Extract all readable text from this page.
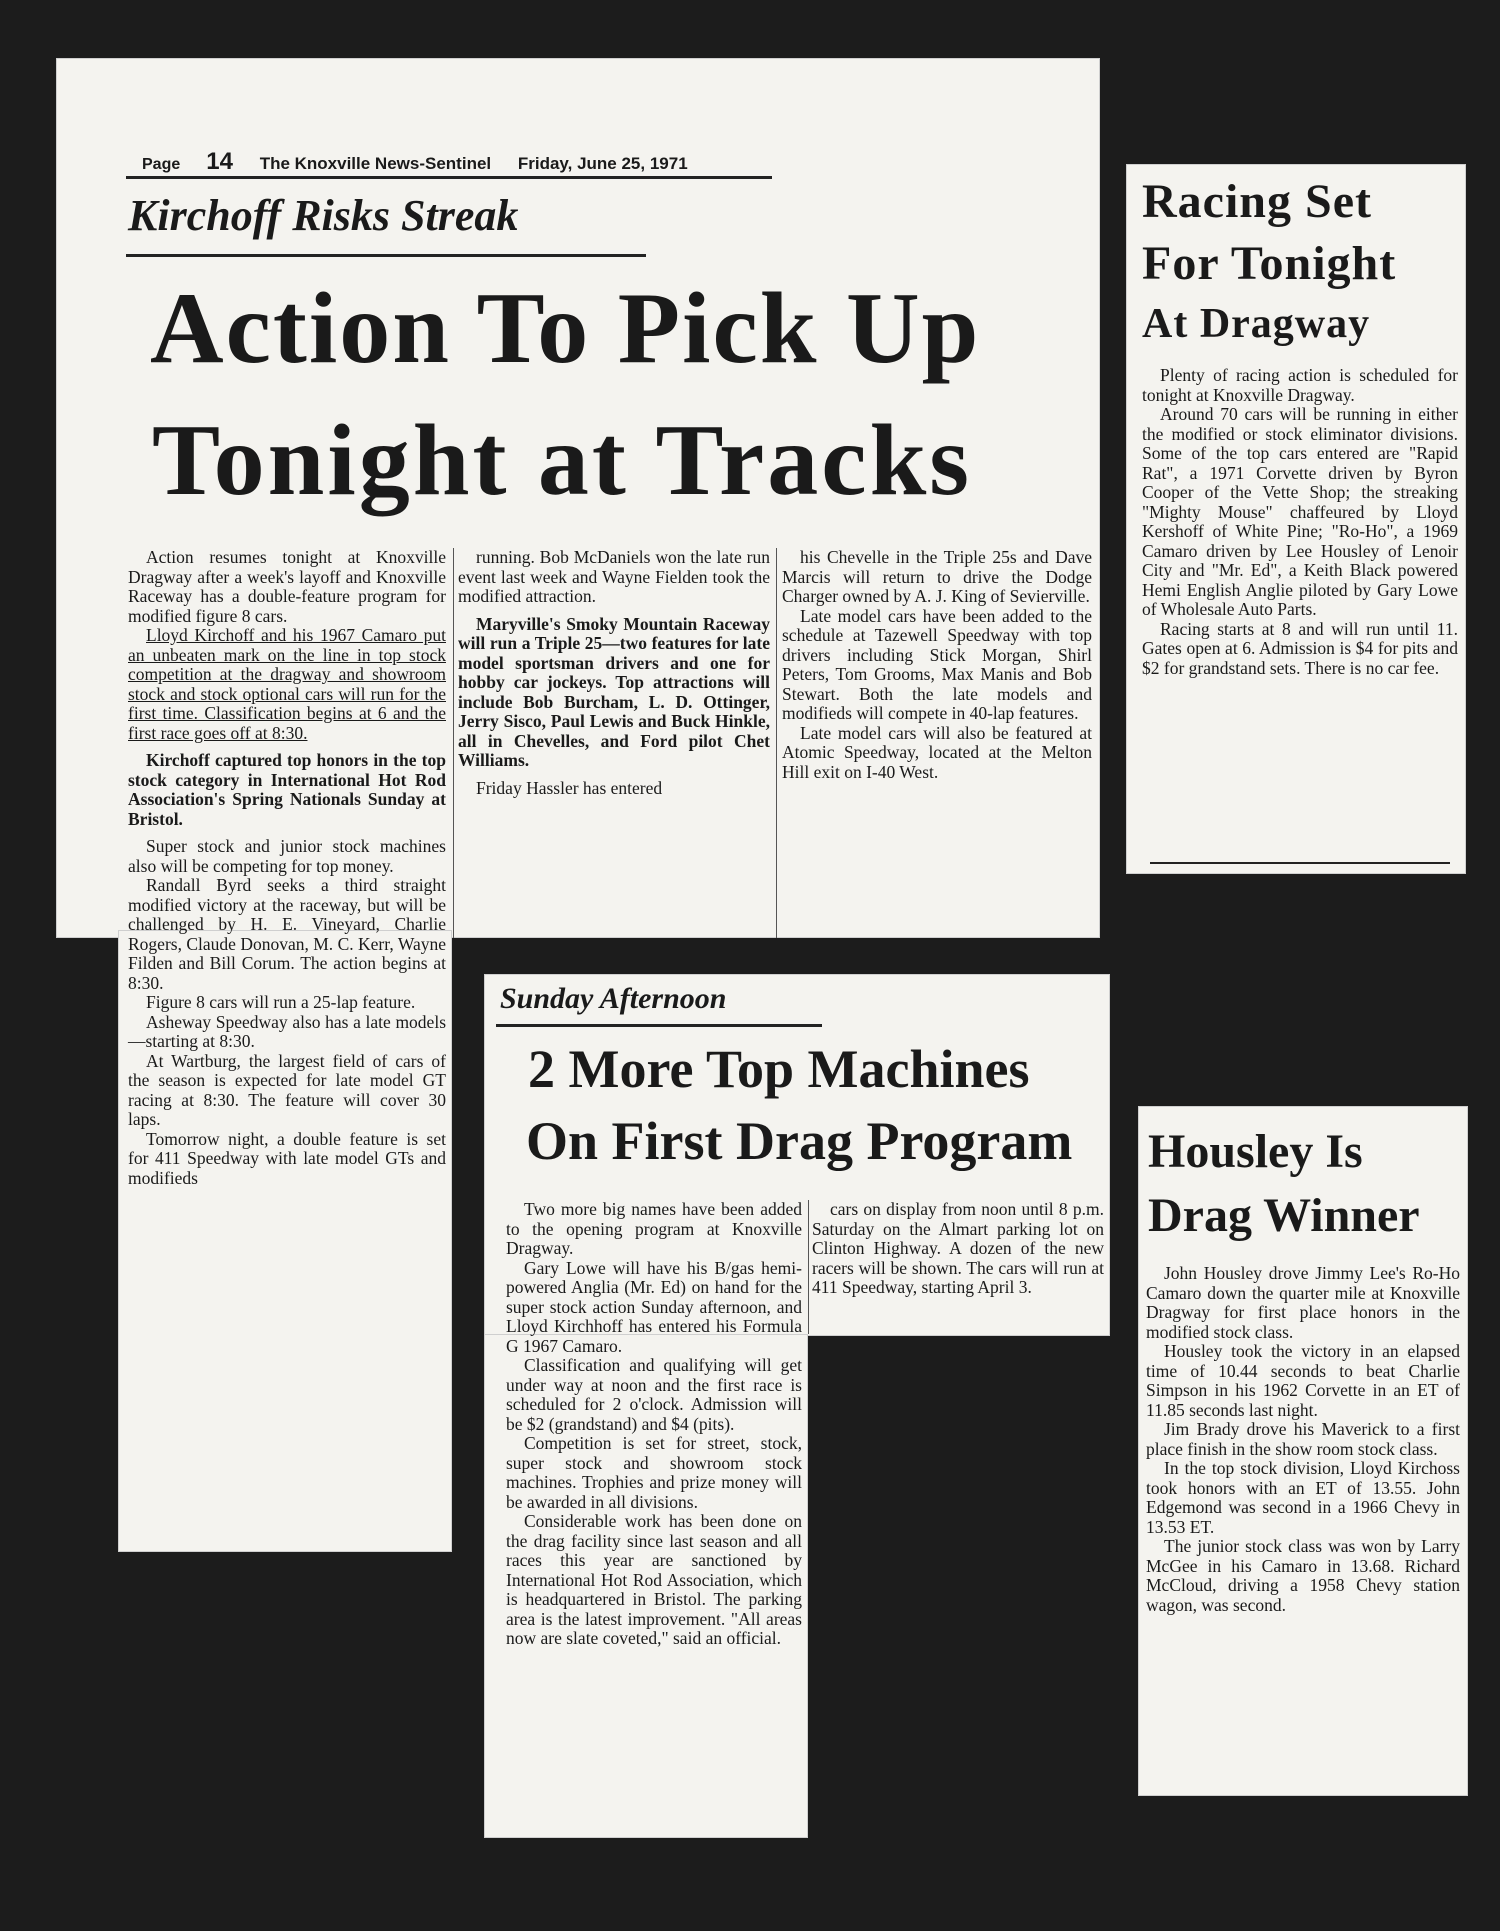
Page 14 The Knoxville News-Sentinel Friday, June 25, 1971
Kirchoff Risks Streak
Action To Pick Up
Tonight at Tracks

Action resumes tonight at Knoxville Dragway after a week's layoff and Knoxville Raceway has a double-feature program for modified figure 8 cars.

Lloyd Kirchoff and his 1967 Camaro put an unbeaten mark on the line in top stock competition at the dragway and showroom stock and stock optional cars will run for the first time. Classification begins at 6 and the first race goes off at 8:30.

Kirchoff captured top honors in the top stock category in International Hot Rod Association's Spring Nationals Sunday at Bristol.

Super stock and junior stock machines also will be competing for top money.

Randall Byrd seeks a third straight modified victory at the raceway, but will be challenged by H. E. Vineyard, Charlie Rogers, Claude Donovan, M. C. Kerr, Wayne Filden and Bill Corum. The action begins at 8:30.

Figure 8 cars will run a 25-lap feature.

Asheway Speedway also has a late models—starting at 8:30.

At Wartburg, the largest field of cars of the season is expected for late model GT racing at 8:30. The feature will cover 30 laps.

Tomorrow night, a double feature is set for 411 Speedway with late model GTs and modifieds

running. Bob McDaniels won the late run event last week and Wayne Fielden took the modified attraction.

Maryville's Smoky Mountain Raceway will run a Triple 25—two features for late model sportsman drivers and one for hobby car jockeys. Top attractions will include Bob Burcham, L. D. Ottinger, Jerry Sisco, Paul Lewis and Buck Hinkle, all in Chevelles, and Ford pilot Chet Williams.

Friday Hassler has entered

his Chevelle in the Triple 25s and Dave Marcis will return to drive the Dodge Charger owned by A. J. King of Sevierville.

Late model cars have been added to the schedule at Tazewell Speedway with top drivers including Stick Morgan, Shirl Peters, Tom Grooms, Max Manis and Bob Stewart. Both the late models and modifieds will compete in 40-lap features.

Late model cars will also be featured at Atomic Speedway, located at the Melton Hill exit on I-40 West.

Racing Set
For Tonight
At Dragway

Plenty of racing action is scheduled for tonight at Knoxville Dragway.

Around 70 cars will be running in either the modified or stock eliminator divisions. Some of the top cars entered are "Rapid Rat", a 1971 Corvette driven by Byron Cooper of the Vette Shop; the streaking "Mighty Mouse" chaffeured by Lloyd Kershoff of White Pine; "Ro-Ho", a 1969 Camaro driven by Lee Housley of Lenoir City and "Mr. Ed", a Keith Black powered Hemi English Anglie piloted by Gary Lowe of Wholesale Auto Parts.

Racing starts at 8 and will run until 11. Gates open at 6. Admission is $4 for pits and $2 for grandstand sets. There is no car fee.

Sunday Afternoon
2 More Top Machines
On First Drag Program

Two more big names have been added to the opening program at Knoxville Dragway.

Gary Lowe will have his B/gas hemi-powered Anglia (Mr. Ed) on hand for the super stock action Sunday afternoon, and Lloyd Kirchhoff has entered his Formula G 1967 Camaro.

Classification and qualifying will get under way at noon and the first race is scheduled for 2 o'clock. Admission will be $2 (grandstand) and $4 (pits).

Competition is set for street, stock, super stock and showroom stock machines. Trophies and prize money will be awarded in all divisions.

Considerable work has been done on the drag facility since last season and all races this year are sanctioned by International Hot Rod Association, which is headquartered in Bristol. The parking area is the latest improvement. "All areas now are slate coveted," said an official.

cars on display from noon until 8 p.m. Saturday on the Almart parking lot on Clinton Highway. A dozen of the new racers will be shown. The cars will run at 411 Speedway, starting April 3.

Housley Is
Drag Winner

John Housley drove Jimmy Lee's Ro-Ho Camaro down the quarter mile at Knoxville Dragway for first place honors in the modified stock class.

Housley took the victory in an elapsed time of 10.44 seconds to beat Charlie Simpson in his 1962 Corvette in an ET of 11.85 seconds last night.

Jim Brady drove his Maverick to a first place finish in the show room stock class.

In the top stock division, Lloyd Kirchoss took honors with an ET of 13.55. John Edgemond was second in a 1966 Chevy in 13.53 ET.

The junior stock class was won by Larry McGee in his Camaro in 13.68. Richard McCloud, driving a 1958 Chevy station wagon, was second.
